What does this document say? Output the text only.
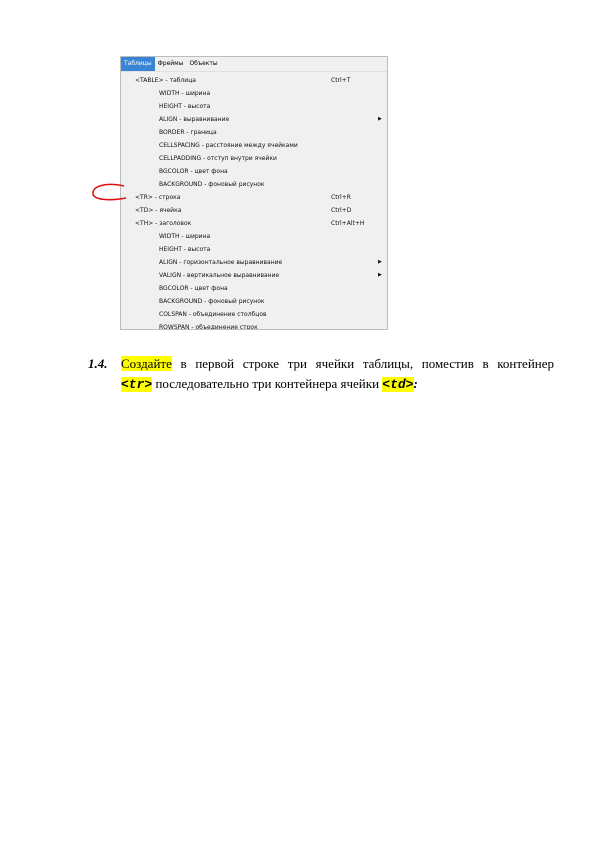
Таблицы	Фреймы	Объекты
<TABLE> - таблица	Ctrl+T
WIDTH - ширина
HEIGHT - высота
ALIGN - выравнивание	▶
BORDER - граница
CELLSPACING - расстояние между ячейками
CELLPADDING - отступ внутри ячейки
BGCOLOR - цвет фона
BACKGROUND - фоновый рисунок
<TR> - строка	Ctrl+R
<TD> - ячейка	Ctrl+D
<TH> - заголовок	Ctrl+Alt+H
WIDTH - ширина
HEIGHT - высота
ALIGN - горизонтальное выравнивание	▶
VALIGN - вертикальное выравнивание	▶
BGCOLOR - цвет фона
BACKGROUND - фоновый рисунок
COLSPAN - объединение столбцов
ROWSPAN - объединение строк
1.4. Создайте в первой строке три ячейки таблицы, поместив в контейнер
<tr> последовательно три контейнера ячейки <td>:
